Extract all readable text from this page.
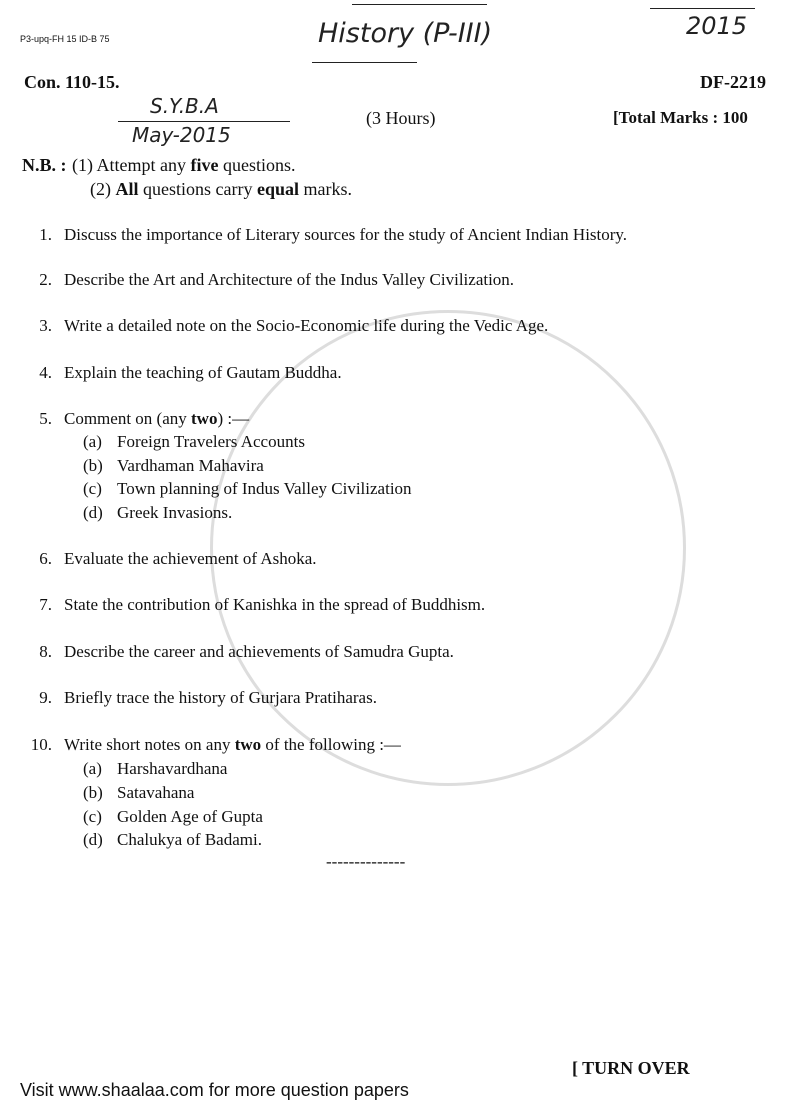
P3-upq-FH 15 ID-B 75	History (P-III)	2015
Con. 110-15.	DF-2219
S.Y.B.A
May-2015
(3 Hours)	[Total Marks : 100
N.B. : (1) Attempt any five questions.
(2) All questions carry equal marks.
1. Discuss the importance of Literary sources for the study of Ancient Indian History.
2. Describe the Art and Architecture of the Indus Valley Civilization.
3. Write a detailed note on the Socio-Economic life during the Vedic Age.
4. Explain the teaching of Gautam Buddha.
5. Comment on (any two) :—
(a) Foreign Travelers Accounts
(b) Vardhaman Mahavira
(c) Town planning of Indus Valley Civilization
(d) Greek Invasions.
6. Evaluate the achievement of Ashoka.
7. State the contribution of Kanishka in the spread of Buddhism.
8. Describe the career and achievements of Samudra Gupta.
9. Briefly trace the history of Gurjara Pratiharas.
10. Write short notes on any two of the following :—
(a) Harshavardhana
(b) Satavahana
(c) Golden Age of Gupta
(d) Chalukya of Badami.
--------------
[ TURN OVER
Visit www.shaalaa.com for more question papers
